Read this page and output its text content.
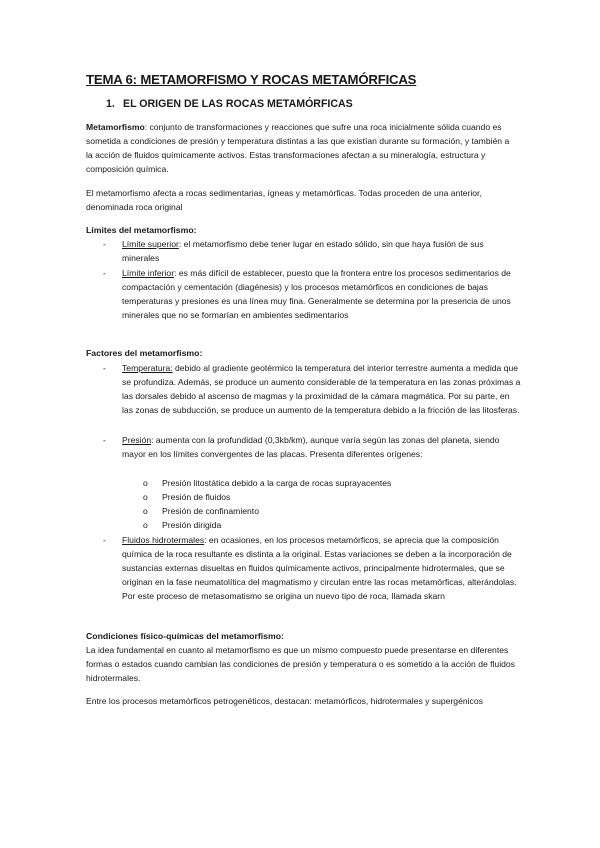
TEMA 6: METAMORFISMO Y ROCAS METAMÓRFICAS
1. EL ORIGEN DE LAS ROCAS METAMÓRFICAS
Metamorfismo: conjunto de transformaciones y reacciones que sufre una roca inicialmente sólida cuando es sometida a condiciones de presión y temperatura distintas a las que existían durante su formación, y también a la acción de fluidos químicamente activos. Estas transformaciones afectan a su mineralogía, estructura y composición química.
El metamorfismo afecta a rocas sedimentarias, ígneas y metamórficas. Todas proceden de una anterior, denominada roca original
Límites del metamorfismo:
- Límite superior: el metamorfismo debe tener lugar en estado sólido, sin que haya fusión de sus minerales
- Límite inferior: es más difícil de establecer, puesto que la frontera entre los procesos sedimentarios de compactación y cementación (diagénesis) y los procesos metamórficos en condiciones de bajas temperaturas y presiones es una línea muy fina. Generalmente se determina por la presencia de unos minerales que no se formarían en ambientes sedimentarios
Factores del metamorfismo:
- Temperatura: debido al gradiente geotérmico la temperatura del interior terrestre aumenta a medida que se profundiza. Además, se produce un aumento considerable de la temperatura en las zonas próximas a las dorsales debido al ascenso de magmas y la proximidad de la cámara magmática. Por su parte, en las zonas de subducción, se produce un aumento de la temperatura debido a la fricción de las litosferas.
- Presión: aumenta con la profundidad (0,3kb/km), aunque varía según las zonas del planeta, siendo mayor en los límites convergentes de las placas. Presenta diferentes orígenes:
o Presión litostática debido a la carga de rocas suprayacentes
o Presión de fluidos
o Presión de confinamiento
o Presión dirigida
- Fluidos hidrotermales: en ocasiones, en los procesos metamórficos, se aprecia que la composición química de la roca resultante es distinta a la original. Estas variaciones se deben a la incorporación de sustancias externas disueltas en fluidos químicamente activos, principalmente hidrotermales, que se originan en la fase neumatolítica del magmatismo y circulan entre las rocas metamórficas, alterándolas. Por este proceso de metasomatismo se origina un nuevo tipo de roca, llamada skarn
Condiciones físico-químicas del metamorfismo:
La idea fundamental en cuanto al metamorfismo es que un mismo compuesto puede presentarse en diferentes formas o estados cuando cambian las condiciones de presión y temperatura o es sometido a la acción de fluidos hidrotermales.
Entre los procesos metamórficos petrogenéticos, destacan: metamórficos, hidrotermales y supergénicos
